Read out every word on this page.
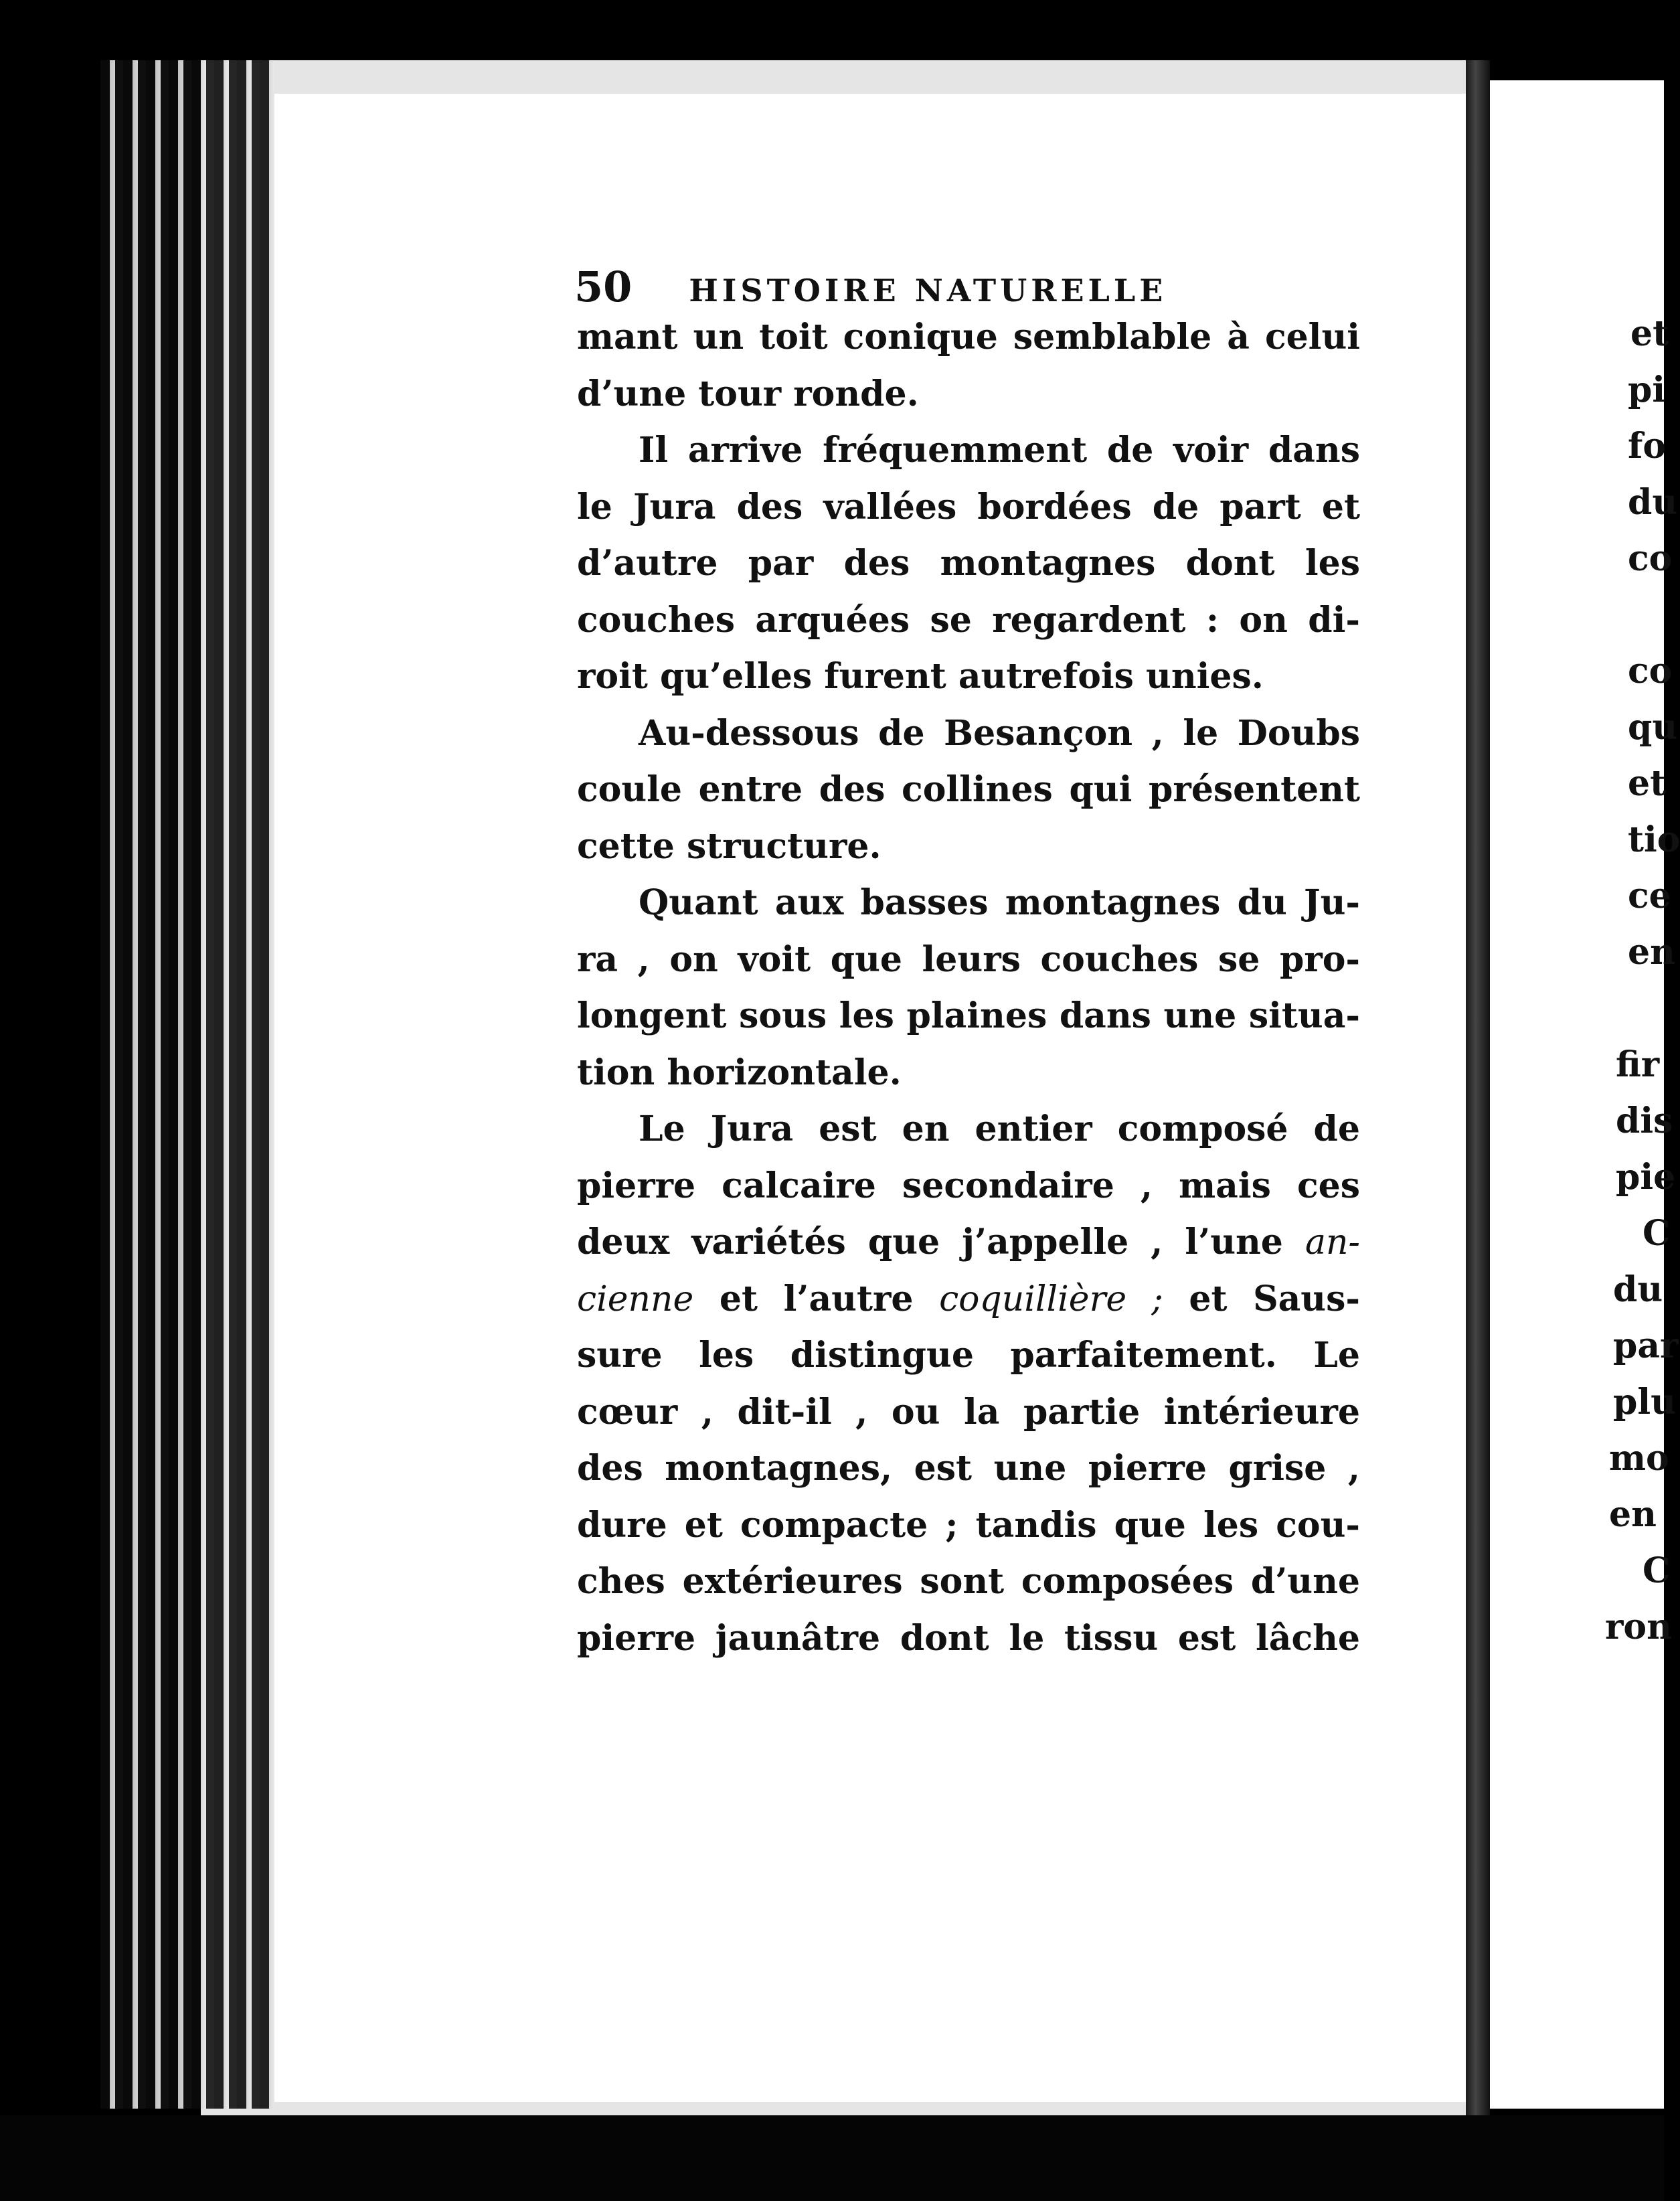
et
pi
fo
du
co
co
qu
et
tio
ce
en
fir
dis
pie
C
du
par
plu
mo
en
C
ron
50 HISTOIRE NATURELLE
mant un toit conique semblable à celui
d’une tour ronde.
Il arrive fréquemment de voir dans
le Jura des vallées bordées de part et
d’autre par des montagnes dont les
couches arquées se regardent : on di-
roit qu’elles furent autrefois unies.
Au-dessous de Besançon , le Doubs
coule entre des collines qui présentent
cette structure.
Quant aux basses montagnes du Ju-
ra , on voit que leurs couches se pro-
longent sous les plaines dans une situa-
tion horizontale.
Le Jura est en entier composé de
pierre calcaire secondaire , mais ces
deux variétés que j’appelle , l’une an-
cienne et l’autre coquillière ; et Saus-
sure les distingue parfaitement. Le
cœur , dit-il , ou la partie intérieure
des montagnes, est une pierre grise ,
dure et compacte ; tandis que les cou-
ches extérieures sont composées d’une
pierre jaunâtre dont le tissu est lâche
